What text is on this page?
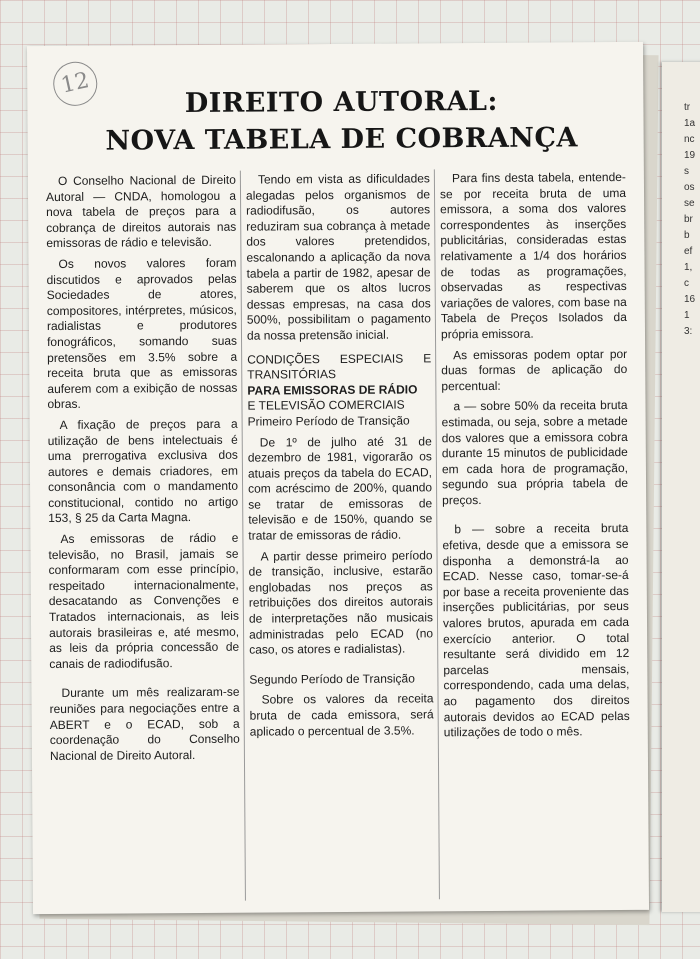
tr
1a
nc
19
s
os
se
br
b
ef
1,
c
16
1
3:
12
DIREITO AUTORAL:
NOVA TABELA DE COBRANÇA

O Conselho Nacional de Direito Autoral — CNDA, homologou a nova tabela de preços para a cobrança de direitos autorais nas emissoras de rádio e televisão.

Os novos valores foram discutidos e aprovados pelas Sociedades de atores, compositores, intérpretes, músicos, radialistas e produtores fonográficos, somando suas pretensões em 3.5% sobre a receita bruta que as emissoras auferem com a exibição de nossas obras.

A fixação de preços para a utilização de bens intelectuais é uma prerrogativa exclusiva dos autores e demais criadores, em consonância com o mandamento constitucional, contido no artigo 153, § 25 da Carta Magna.

As emissoras de rádio e televisão, no Brasil, jamais se conformaram com esse princípio, respeitado internacionalmente, desacatando as Convenções e Tratados internacionais, as leis autorais brasileiras e, até mesmo, as leis da própria concessão de canais de radiodifusão.

Durante um mês realizaram-se reuniões para negociações entre a ABERT e o ECAD, sob a coordenação do Conselho Nacional de Direito Autoral.

Tendo em vista as dificuldades alegadas pelos organismos de radiodifusão, os autores reduziram sua cobrança à metade dos valores pretendidos, escalonando a aplicação da nova tabela a partir de 1982, apesar de saberem que os altos lucros dessas empresas, na casa dos 500%, possibilitam o pagamento da nossa pretensão inicial.

CONDIÇÕES ESPECIAIS E TRANSITÓRIAS

PARA EMISSORAS DE RÁDIO

E TELEVISÃO COMERCIAIS

Primeiro Período de Transição

De 1º de julho até 31 de dezembro de 1981, vigorarão os atuais preços da tabela do ECAD, com acréscimo de 200%, quando se tratar de emissoras de televisão e de 150%, quando se tratar de emissoras de rádio.

A partir desse primeiro período de transição, inclusive, estarão englobadas nos preços as retribuições dos direitos autorais de interpretações não musicais administradas pelo ECAD (no caso, os atores e radialistas).

Segundo Período de Transição

Sobre os valores da receita bruta de cada emissora, será aplicado o percentual de 3.5%.

Para fins desta tabela, entende-se por receita bruta de uma emissora, a soma dos valores correspondentes às inserções publicitárias, consideradas estas relativamente a 1/4 dos horários de todas as programações, observadas as respectivas variações de valores, com base na Tabela de Preços Isolados da própria emissora.

As emissoras podem optar por duas formas de aplicação do percentual:

a — sobre 50% da receita bruta estimada, ou seja, sobre a metade dos valores que a emissora cobra durante 15 minutos de publicidade em cada hora de programação, segundo sua própria tabela de preços.

b — sobre a receita bruta efetiva, desde que a emissora se disponha a demonstrá-la ao ECAD. Nesse caso, tomar-se-á por base a receita proveniente das inserções publicitárias, por seus valores brutos, apurada em cada exercício anterior. O total resultante será dividido em 12 parcelas mensais, correspondendo, cada uma delas, ao pagamento dos direitos autorais devidos ao ECAD pelas utilizações de todo o mês.
